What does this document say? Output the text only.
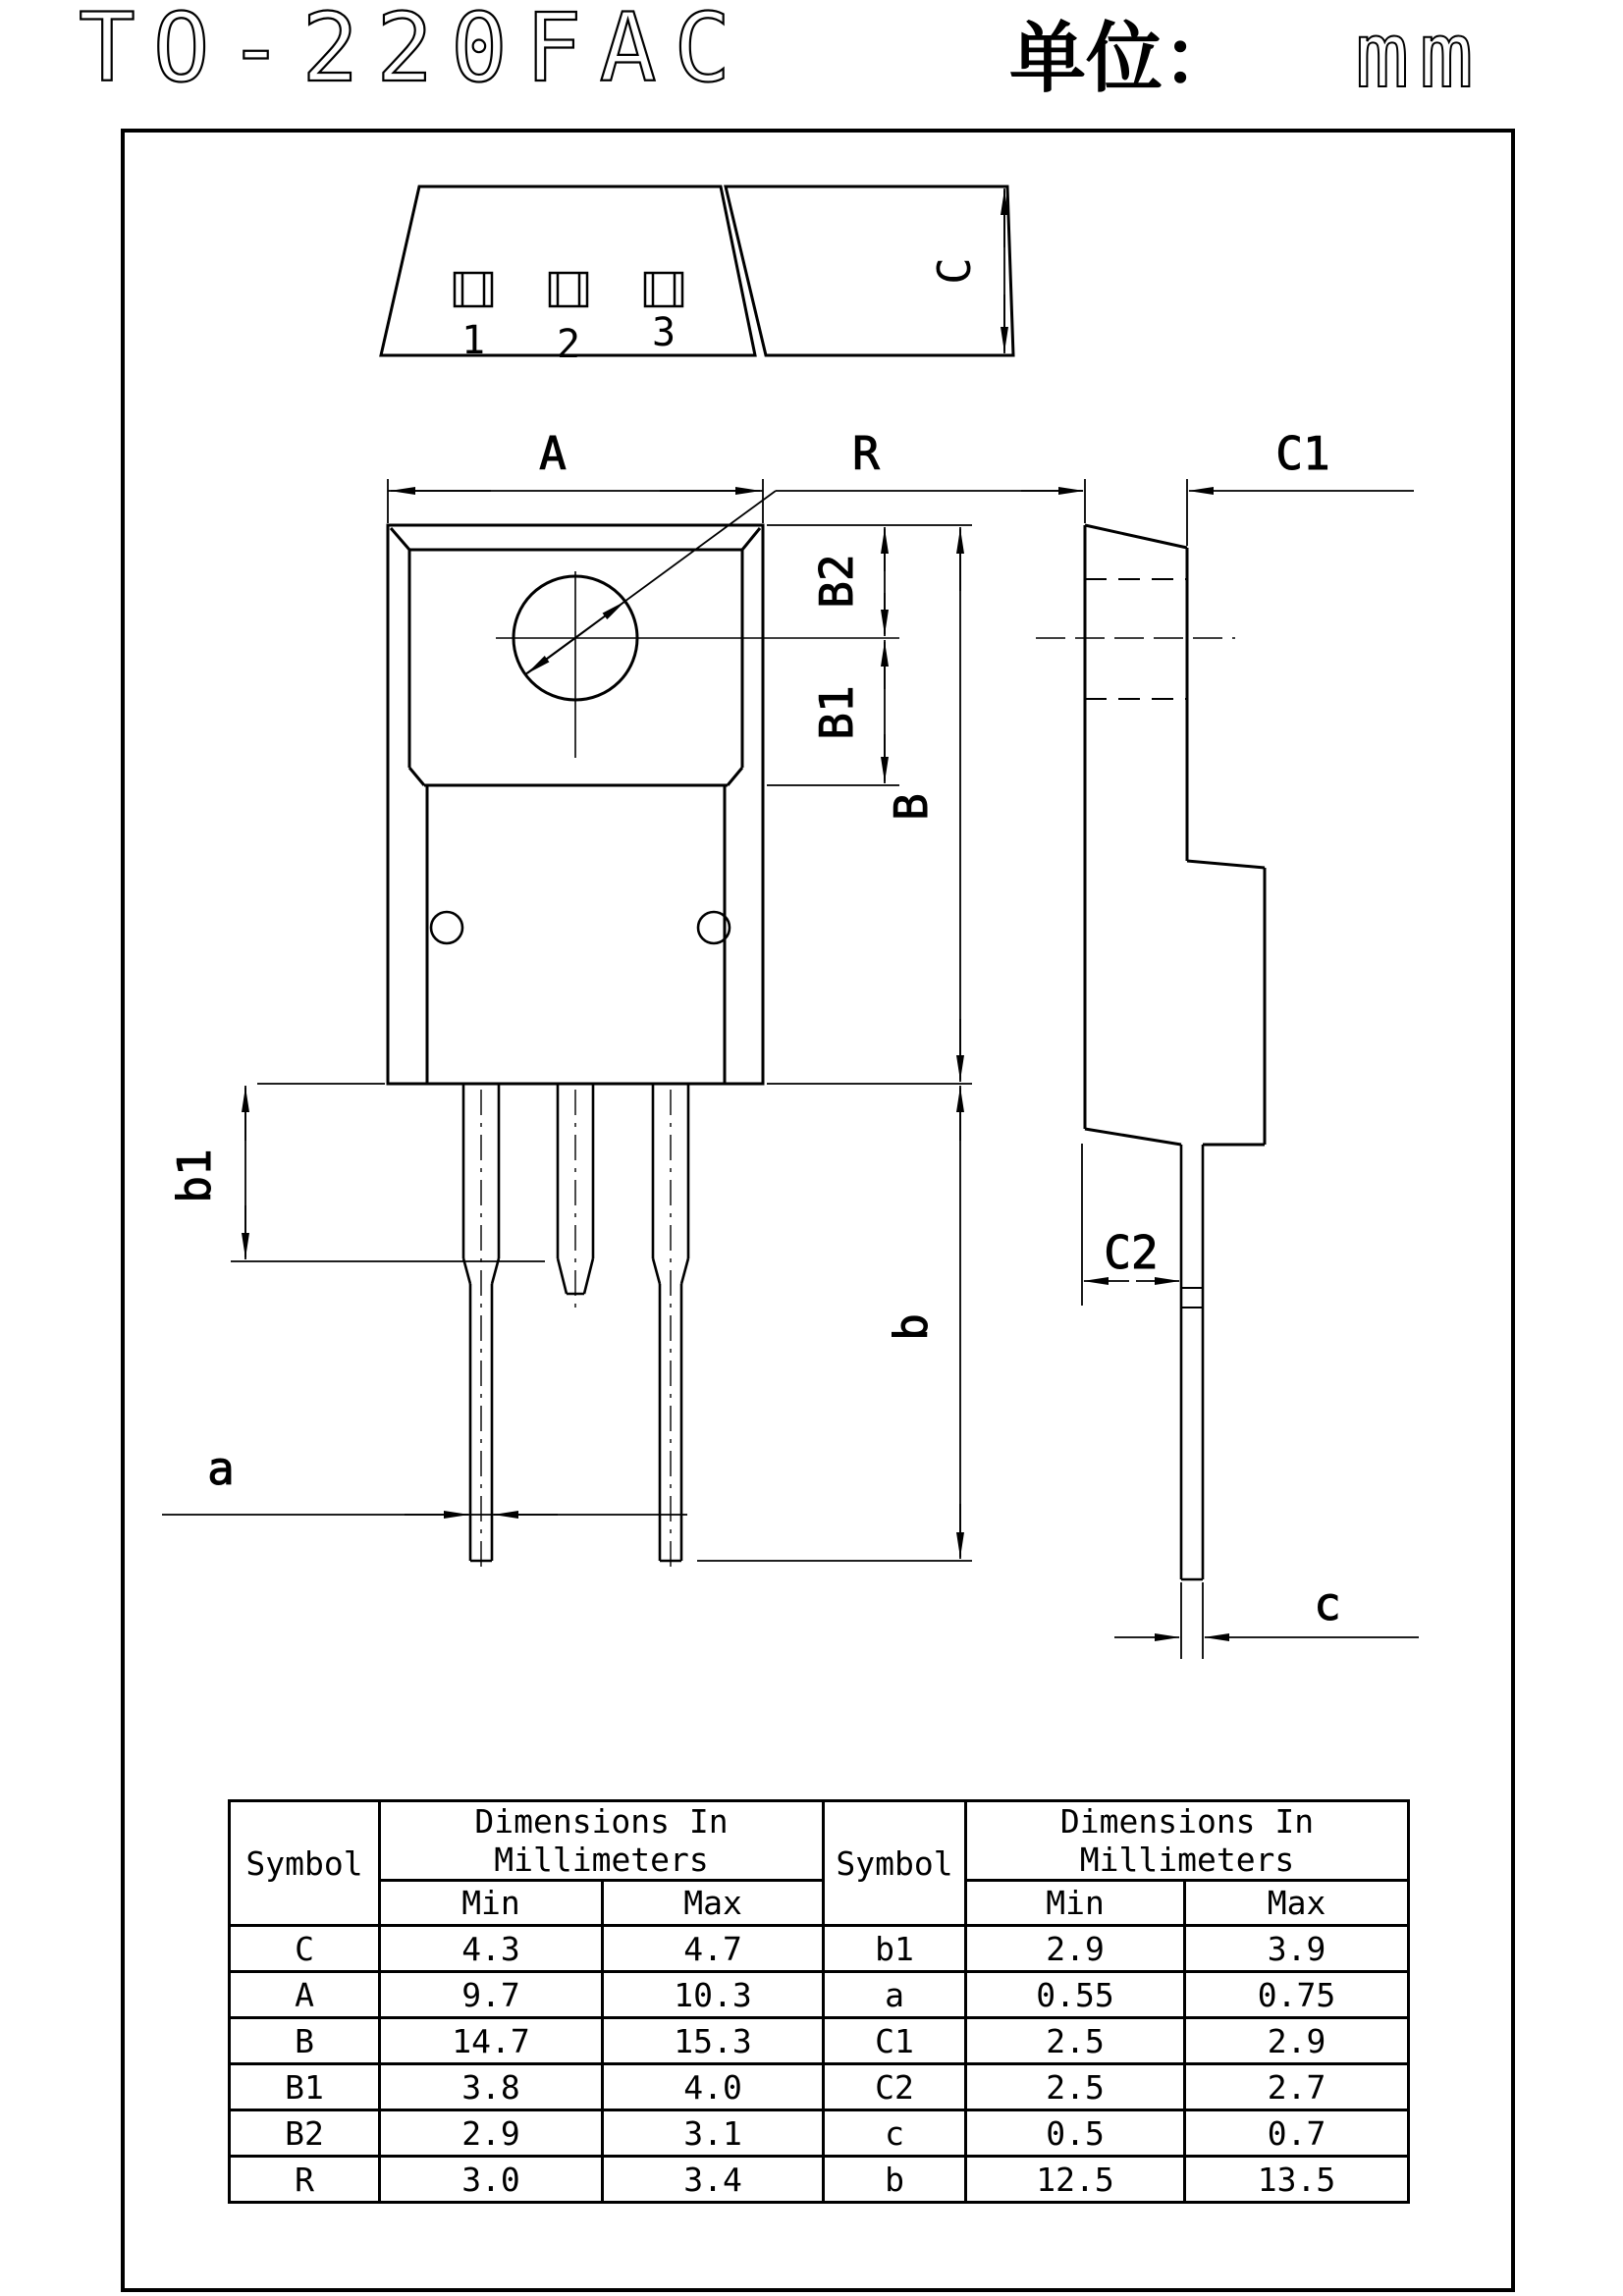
TO-220FAC	单位： mm
1 2 3
C
A	R
B2
B1
B
b1
a
b
C1
C2
c
Symbol	Dimensions In Millimeters		Symbol	Dimensions In Millimeters	
	Min	Max		Min	Max
C	4.3	4.7	b1	2.9	3.9
A	9.7	10.3	a	0.55	0.75
B	14.7	15.3	C1	2.5	2.9
B1	3.8	4.0	C2	2.5	2.7
B2	2.9	3.1	c	0.5	0.7
R	3.0	3.4	b	12.5	13.5
